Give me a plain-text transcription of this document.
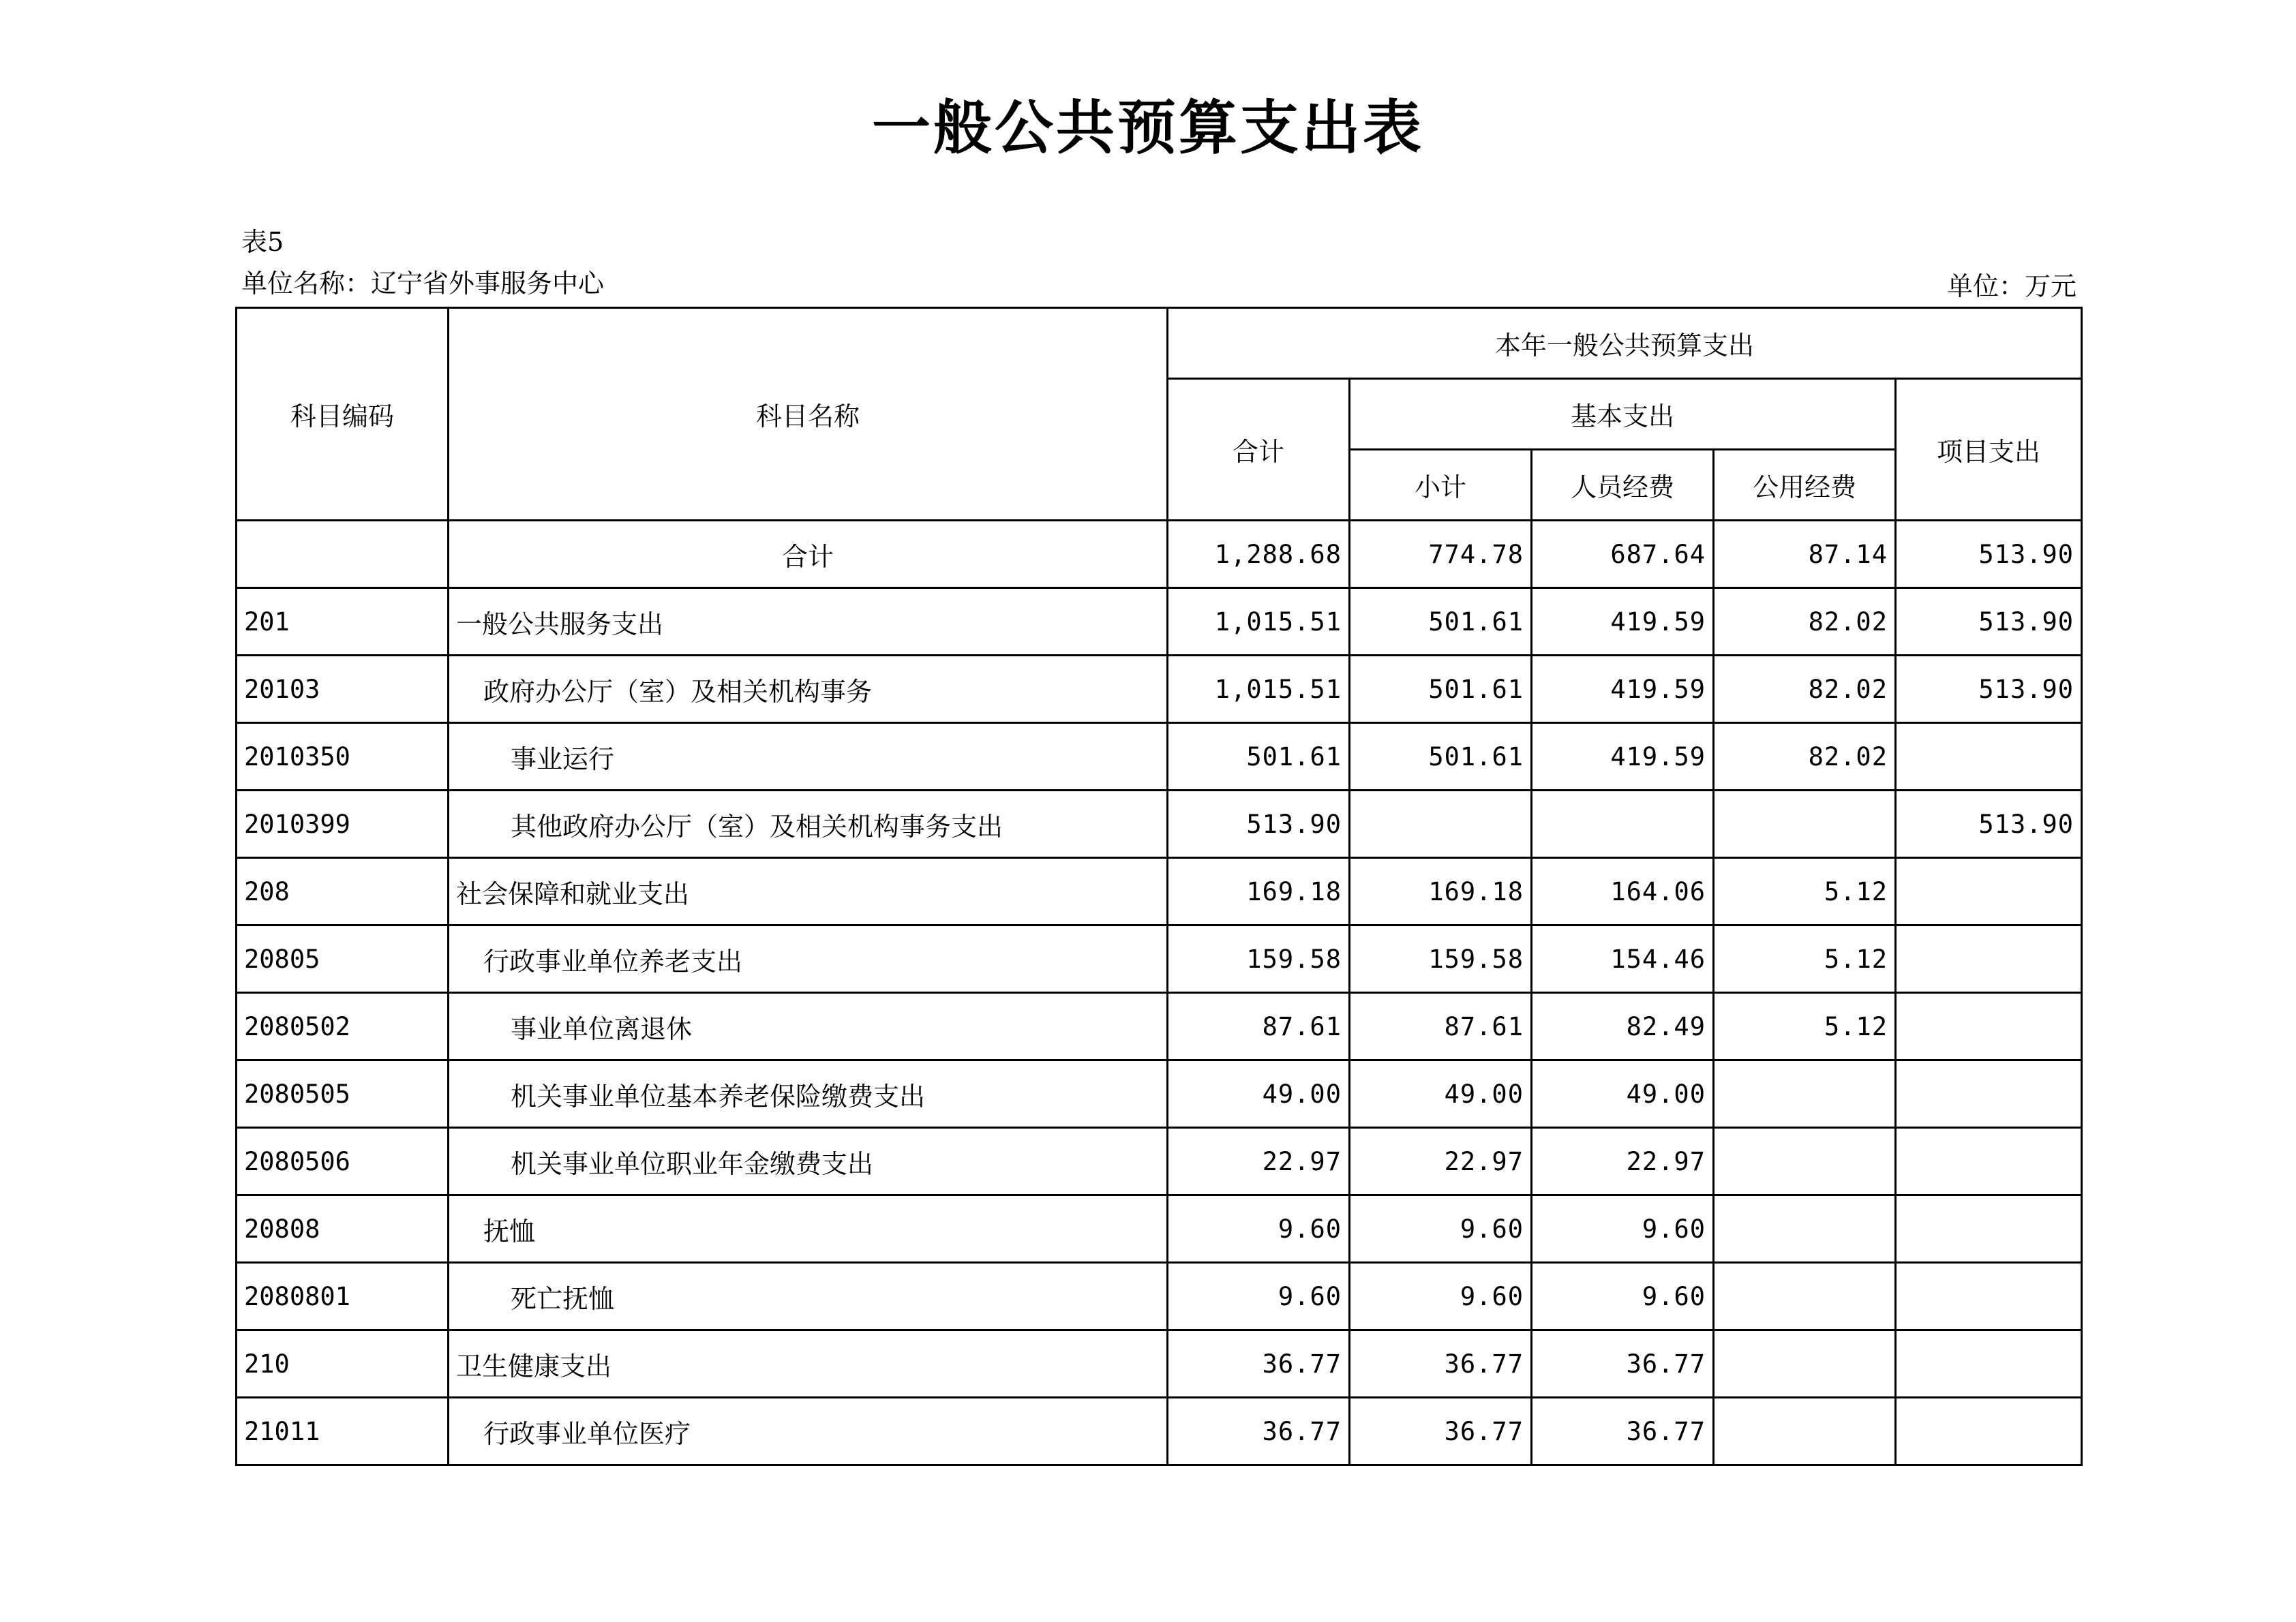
一般公共预算支出表
表5
单位名称：辽宁省外事服务中心	单位：万元
科目编码	科目名称	本年一般公共预算支出				
		合计	基本支出			项目支出
			小计	人员经费	公用经费	
	合计	1,288.68	774.78	687.64	87.14	513.90
201	一般公共服务支出	1,015.51	501.61	419.59	82.02	513.90
20103	政府办公厅（室）及相关机构事务	1,015.51	501.61	419.59	82.02	513.90
2010350	事业运行	501.61	501.61	419.59	82.02	
2010399	其他政府办公厅（室）及相关机构事务支出	513.90				513.90
208	社会保障和就业支出	169.18	169.18	164.06	5.12	
20805	行政事业单位养老支出	159.58	159.58	154.46	5.12	
2080502	事业单位离退休	87.61	87.61	82.49	5.12	
2080505	机关事业单位基本养老保险缴费支出	49.00	49.00	49.00		
2080506	机关事业单位职业年金缴费支出	22.97	22.97	22.97		
20808	抚恤	9.60	9.60	9.60		
2080801	死亡抚恤	9.60	9.60	9.60		
210	卫生健康支出	36.77	36.77	36.77		
21011	行政事业单位医疗	36.77	36.77	36.77		
